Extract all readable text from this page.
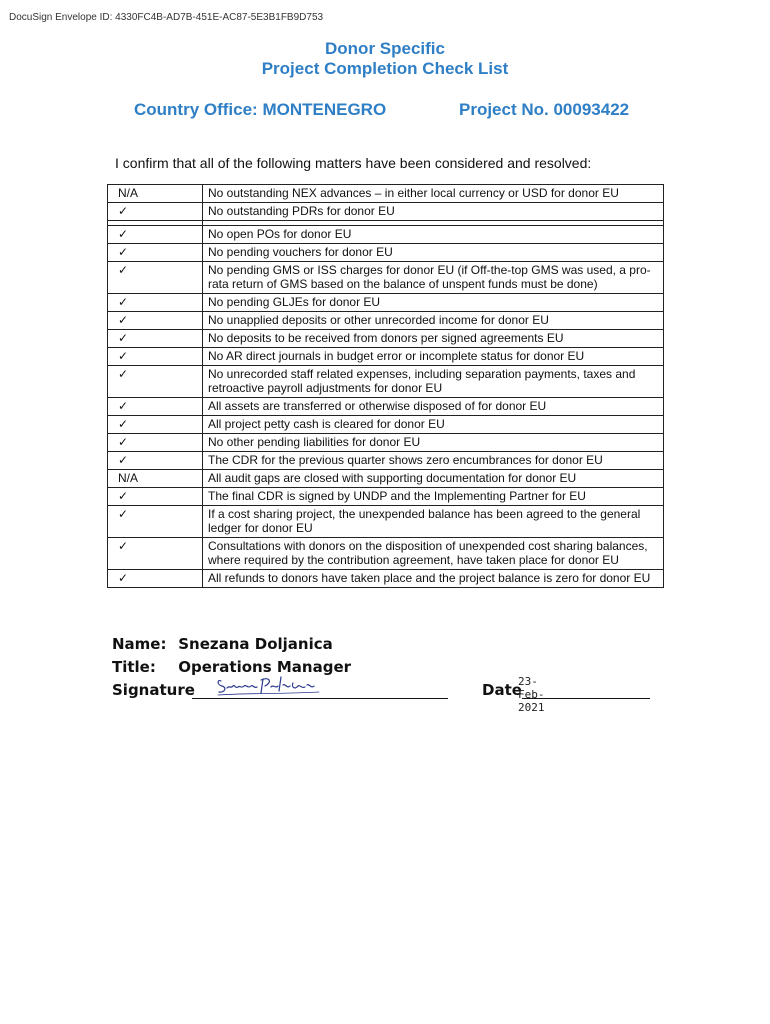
DocuSign Envelope ID: 4330FC4B-AD7B-451E-AC87-5E3B1FB9D753
Donor Specific
Project Completion Check List
Country Office: MONTENEGRO	Project No. 00093422
I confirm that all of the following matters have been considered and resolved:
N/A	No outstanding NEX advances – in either local currency or USD for donor EU
✓	No outstanding PDRs for donor EU

✓	No open POs for donor EU
✓	No pending vouchers for donor EU
✓	No pending GMS or ISS charges for donor EU (if Off-the-top GMS was used, a pro-rata return of GMS based on the balance of unspent funds must be done)
✓	No pending GLJEs for donor EU
✓	No unapplied deposits or other unrecorded income for donor EU
✓	No deposits to be received from donors per signed agreements EU
✓	No AR direct journals in budget error or incomplete status for donor EU
✓	No unrecorded staff related expenses, including separation payments, taxes and retroactive payroll adjustments for donor EU
✓	All assets are transferred or otherwise disposed of for donor EU
✓	All project petty cash is cleared for donor EU
✓	No other pending liabilities for donor EU
✓	The CDR for the previous quarter shows zero encumbrances for donor EU
N/A	All audit gaps are closed with supporting documentation for donor EU
✓	The final CDR is signed by UNDP and the Implementing Partner for EU
✓	If a cost sharing project, the unexpended balance has been agreed to the general ledger for donor EU
✓	Consultations with donors on the disposition of unexpended cost sharing balances, where required by the contribution agreement, have taken place for donor EU
✓	All refunds to donors have taken place and the project balance is zero for donor EU
Name: Snezana Doljanica
Title: Operations Manager
Signature	Date
23-Feb-2021
